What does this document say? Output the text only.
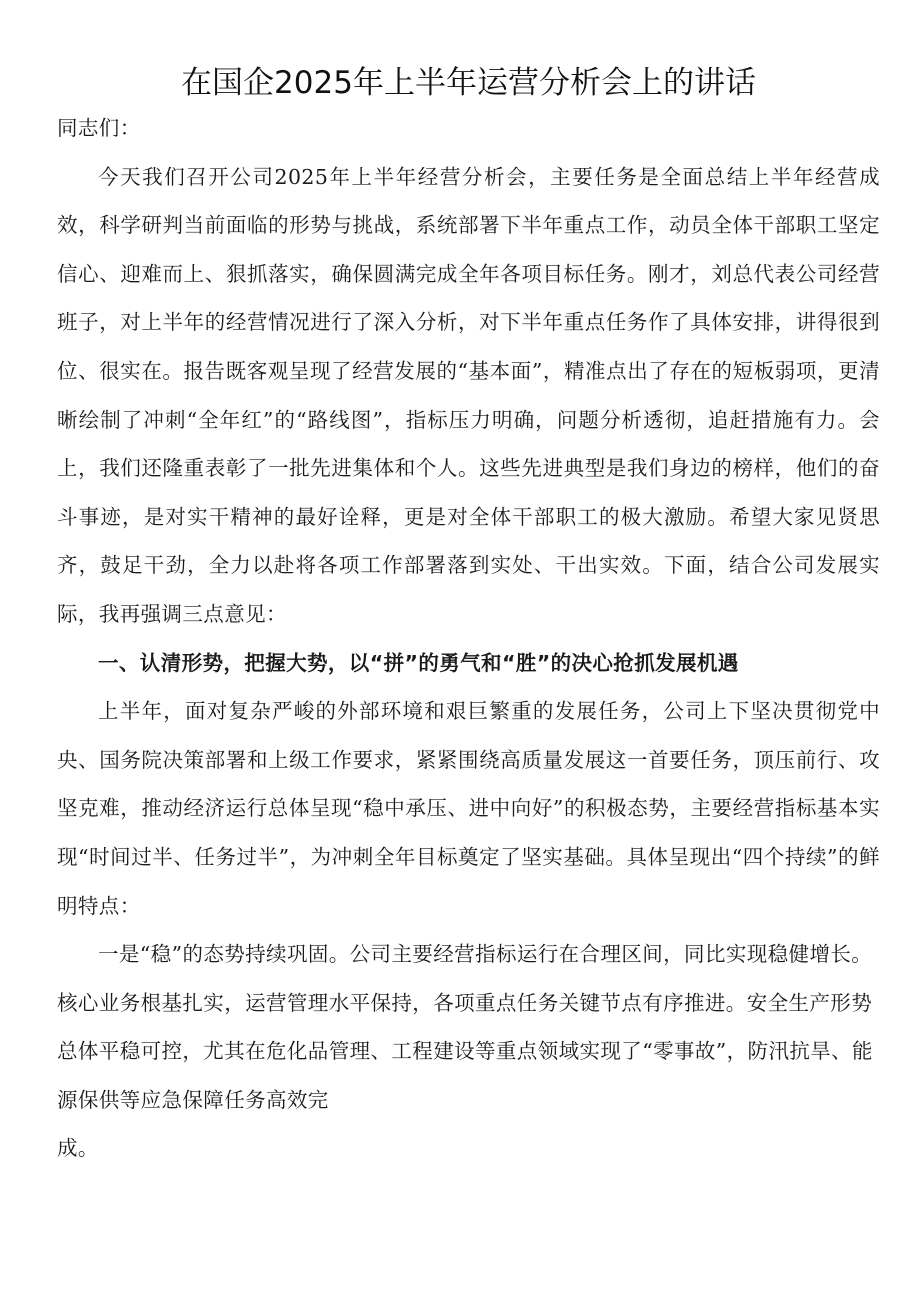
在国企2025年上半年运营分析会上的讲话

同志们：

今天我们召开公司2025年上半年经营分析会，主要任务是全面总结上半年经营成效，科学研判当前面临的形势与挑战，系统部署下半年重点工作，动员全体干部职工坚定信心、迎难而上、狠抓落实，确保圆满完成全年各项目标任务。刚才，刘总代表公司经营班子，对上半年的经营情况进行了深入分析，对下半年重点任务作了具体安排，讲得很到位、很实在。报告既客观呈现了经营发展的“基本面”，精准点出了存在的短板弱项，更清晰绘制了冲刺“全年红”的“路线图”，指标压力明确，问题分析透彻，追赶措施有力。会上，我们还隆重表彰了一批先进集体和个人。这些先进典型是我们身边的榜样，他们的奋斗事迹，是对实干精神的最好诠释，更是对全体干部职工的极大激励。希望大家见贤思齐，鼓足干劲，全力以赴将各项工作部署落到实处、干出实效。下面，结合公司发展实际，我再强调三点意见：

一、认清形势，把握大势，以“拼”的勇气和“胜”的决心抢抓发展机遇

上半年，面对复杂严峻的外部环境和艰巨繁重的发展任务，公司上下坚决贯彻党中央、国务院决策部署和上级工作要求，紧紧围绕高质量发展这一首要任务，顶压前行、攻坚克难，推动经济运行总体呈现“稳中承压、进中向好”的积极态势，主要经营指标基本实现“时间过半、任务过半”，为冲刺全年目标奠定了坚实基础。具体呈现出“四个持续”的鲜明特点：

一是“稳”的态势持续巩固。公司主要经营指标运行在合理区间，同比实现稳健增长。核心业务根基扎实，运营管理水平保持，各项重点任务关键节点有序推进。安全生产形势总体平稳可控，尤其在危化品管理、工程建设等重点领域实现了“零事故”，防汛抗旱、能源保供等应急保障任务高效完

成。
